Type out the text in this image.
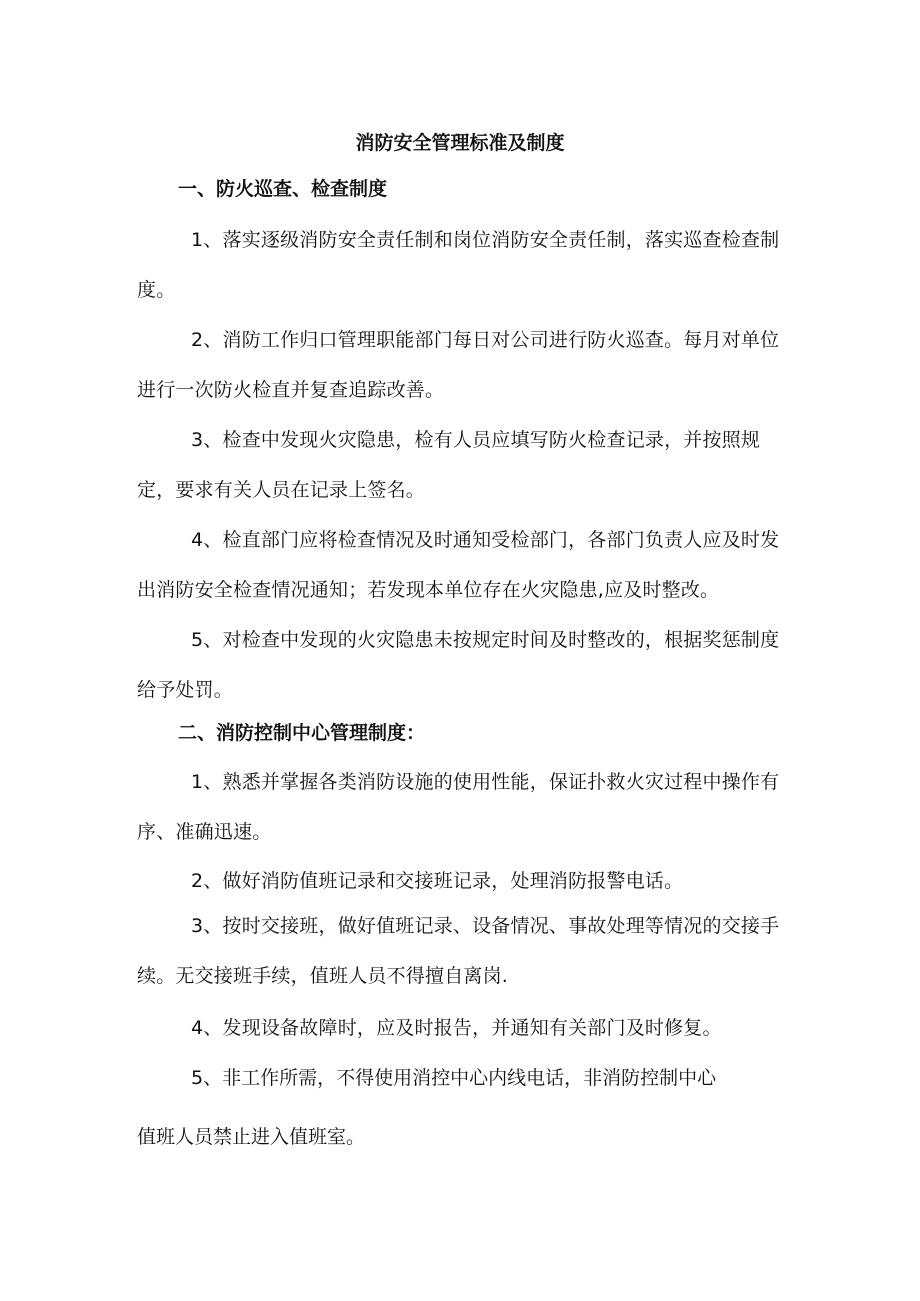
消防安全管理标准及制度
一、防火巡查、检查制度

1、落实逐级消防安全责任制和岗位消防安全责任制，落实巡查检查制度。

2、消防工作归口管理职能部门每日对公司进行防火巡查。每月对单位进行一次防火检直并复查追踪改善。

3、检查中发现火灾隐患，检有人员应填写防火检查记录，并按照规定，要求有关人员在记录上签名。

4、检直部门应将检查情况及时通知受检部门，各部门负责人应及时发出消防安全检查情况通知；若发现本单位存在火灾隐患,应及时整改。

5、对检查中发现的火灾隐患未按规定时间及时整改的，根据奖惩制度给予处罚。

二、消防控制中心管理制度：

1、熟悉并掌握各类消防设施的使用性能，保证扑救火灾过程中操作有序、准确迅速。

2、做好消防值班记录和交接班记录，处理消防报警电话。

3、按时交接班，做好值班记录、设备情况、事故处理等情况的交接手续。无交接班手续，值班人员不得擅自离岗.

4、发现设备故障时，应及时报告，并通知有关部门及时修复。

5、非工作所需，不得使用消控中心内线电话，非消防控制中心

值班人员禁止进入值班室。
